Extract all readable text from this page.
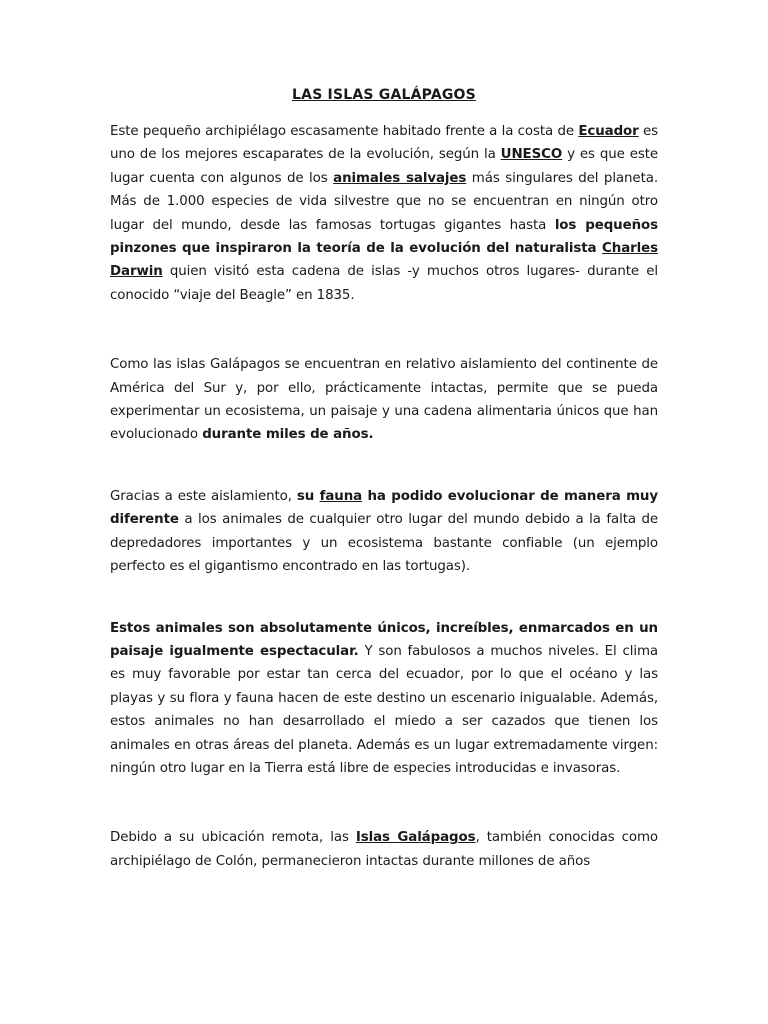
LAS ISLAS GALÁPAGOS

Este pequeño archipiélago escasamente habitado frente a la costa de Ecuador es uno de los mejores escaparates de la evolución, según la UNESCO y es que este lugar cuenta con algunos de los animales salvajes más singulares del planeta. Más de 1.000 especies de vida silvestre que no se encuentran en ningún otro lugar del mundo, desde las famosas tortugas gigantes hasta los pequeños pinzones que inspiraron la teoría de la evolución del naturalista Charles Darwin quien visitó esta cadena de islas -y muchos otros lugares- durante el conocido “viaje del Beagle” en 1835.

Como las islas Galápagos se encuentran en relativo aislamiento del continente de América del Sur y, por ello, prácticamente intactas, permite que se pueda experimentar un ecosistema, un paisaje y una cadena alimentaria únicos que han evolucionado durante miles de años.

Gracias a este aislamiento, su fauna ha podido evolucionar de manera muy diferente a los animales de cualquier otro lugar del mundo debido a la falta de depredadores importantes y un ecosistema bastante confiable (un ejemplo perfecto es el gigantismo encontrado en las tortugas).

Estos animales son absolutamente únicos, increíbles, enmarcados en un paisaje igualmente espectacular. Y son fabulosos a muchos niveles. El clima es muy favorable por estar tan cerca del ecuador, por lo que el océano y las playas y su flora y fauna hacen de este destino un escenario inigualable. Además, estos animales no han desarrollado el miedo a ser cazados que tienen los animales en otras áreas del planeta. Además es un lugar extremadamente virgen: ningún otro lugar en la Tierra está libre de especies introducidas e invasoras.

Debido a su ubicación remota, las Islas Galápagos, también conocidas como archipiélago de Colón, permanecieron intactas durante millones de años
